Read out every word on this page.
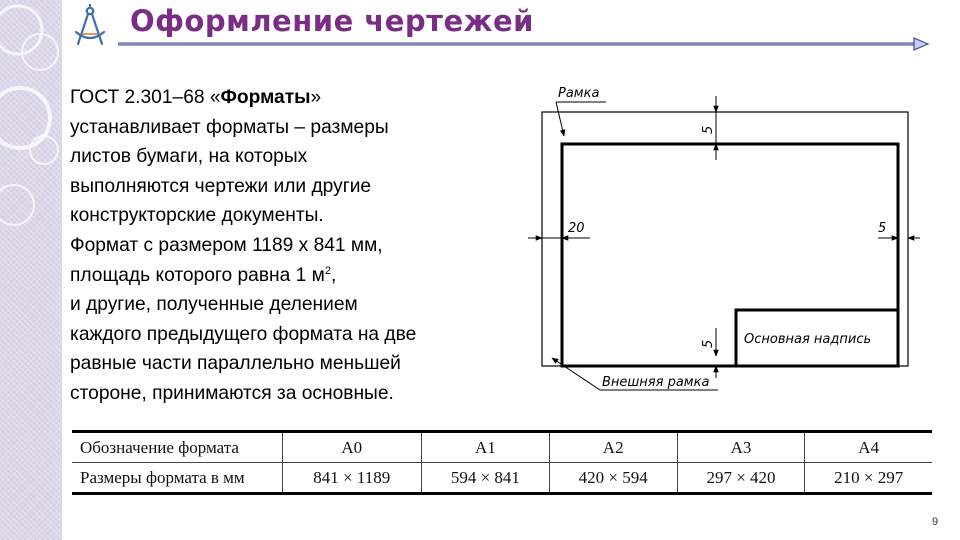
Оформление чертежей
ГОСТ 2.301–68 «Форматы»
устанавливает форматы – размеры
листов бумаги, на которых
выполняются чертежи или другие
конструкторские документы.
Формат с размером 1189 х 841 мм,
площадь которого равна 1 $м^2$,
и другие, полученные делением
каждого предыдущего формата на две
равные части параллельно меньшей
стороне, принимаются за основные.
Рамка
Внешняя рамка
Основная надпись
20	5
5
5
Обозначение формата	А0	А1	А2	А3	А4
Размеры формата в мм	841 × 1189	594 × 841	420 × 594	297 × 420	210 × 297
9
